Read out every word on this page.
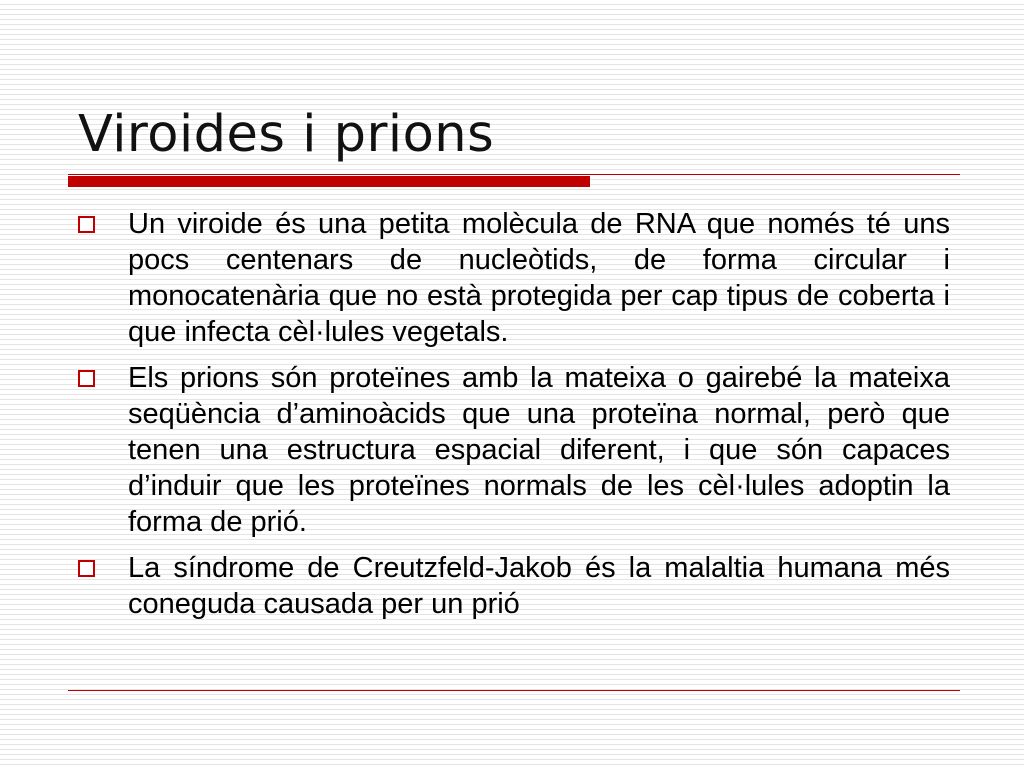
Viroides i prions
Un viroide és una petita molècula de RNA que només té uns pocs centenars de nucleòtids, de forma circular i monocatenària que no està protegida per cap tipus de coberta i que infecta cèl·lules vegetals.
Els prions són proteïnes amb la mateixa o gairebé la mateixa seqüència d’aminoàcids que una proteïna normal, però que tenen una estructura espacial diferent, i que són capaces d’induir que les proteïnes normals de les cèl·lules adoptin la forma de prió.
La síndrome de Creutzfeld-Jakob és la malaltia humana més coneguda causada per un prió
